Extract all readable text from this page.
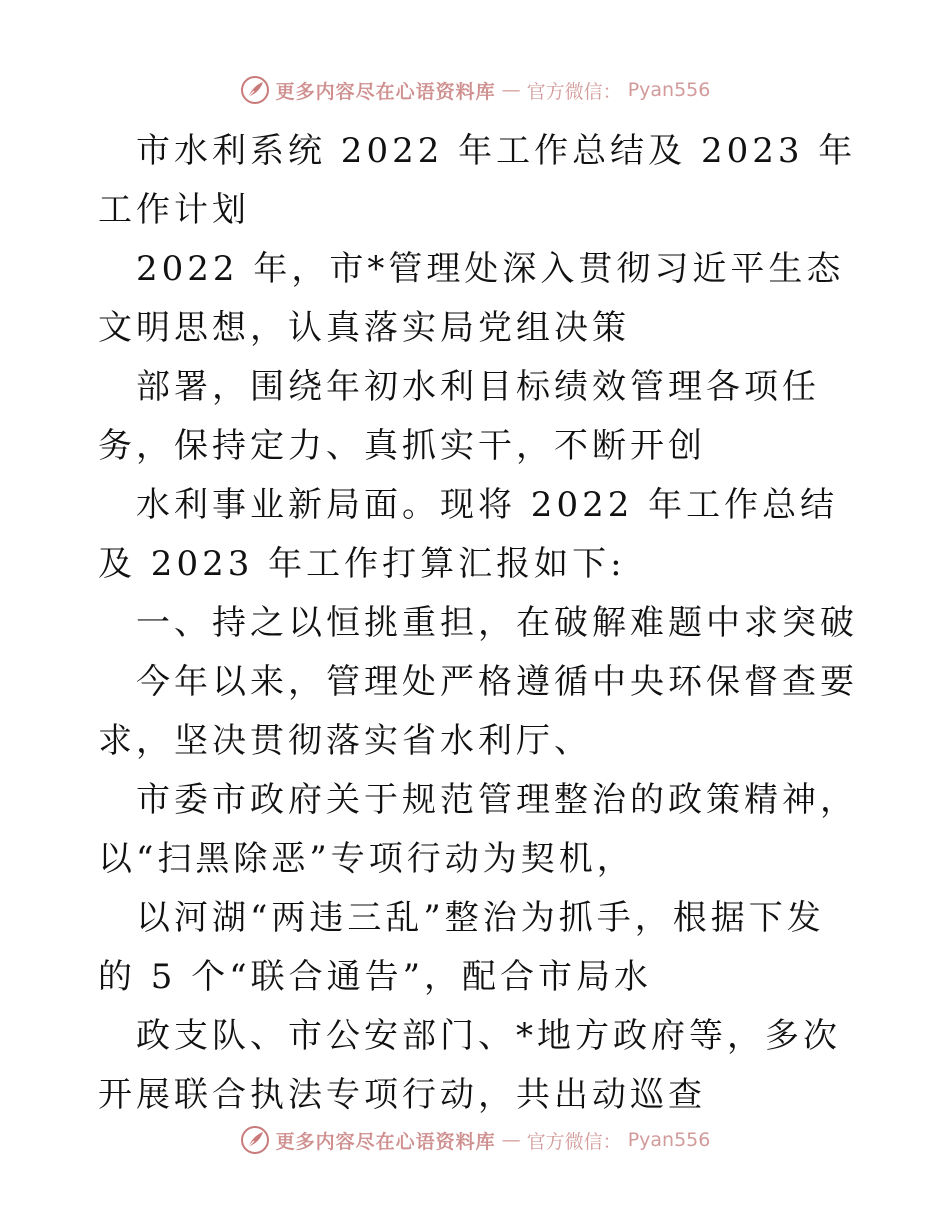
更多内容尽在心语资料库 — 官方微信： Pyan556

市水利系统 2022 年工作总结及 2023 年工作计划

2022 年，市*管理处深入贯彻习近平生态文明思想，认真落实局党组决策

部署，围绕年初水利目标绩效管理各项任务，保持定力、真抓实干，不断开创

水利事业新局面。现将 2022 年工作总结及 2023 年工作打算汇报如下:

一、持之以恒挑重担，在破解难题中求突破

今年以来，管理处严格遵循中央环保督查要求，坚决贯彻落实省水利厅、

市委市政府关于规范管理整治的政策精神，以“扫黑除恶”专项行动为契机，

以河湖“两违三乱”整治为抓手，根据下发的 5 个“联合通告”，配合市局水

政支队、市公安部门、*地方政府等，多次开展联合执法专项行动，共出动巡查

更多内容尽在心语资料库 — 官方微信： Pyan556
